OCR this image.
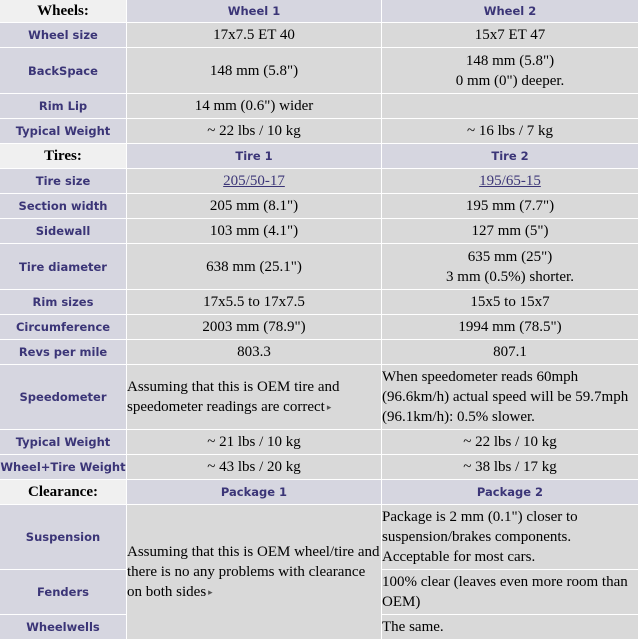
Wheels:	Wheel 1	Wheel 2
Wheel size	17x7.5 ET 40	15x7 ET 47
BackSpace	148 mm (5.8")	148 mm (5.8")
0 mm (0") deeper.

Rim Lip	14 mm (0.6") wider	
Typical Weight	~ 22 lbs / 10 kg	~ 16 lbs / 7 kg
Tires:	Tire 1	Tire 2
Tire size	205/50-17	195/65-15
Section width	205 mm (8.1")	195 mm (7.7")
Sidewall	103 mm (4.1")	127 mm (5")
Tire diameter	638 mm (25.1")	635 mm (25")
3 mm (0.5%) shorter.

Rim sizes	17x5.5 to 17x7.5	15x5 to 15x7
Circumference	2003 mm (78.9")	1994 mm (78.5")
Revs per mile	803.3	807.1
Speedometer	Assuming that this is OEM tire and speedometer readings are correct ▸	When speedometer reads 60mph (96.6km/h) actual speed will be 59.7mph (96.1km/h): 0.5% slower.
Typical Weight	~ 21 lbs / 10 kg	~ 22 lbs / 10 kg
Wheel+Tire Weight	~ 43 lbs / 20 kg	~ 38 lbs / 17 kg
Clearance:	Package 1	Package 2
Suspension	Assuming that this is OEM wheel/tire and there is no any problems with clearance on both sides ▸	Package is 2 mm (0.1") closer to suspension/brakes components. Acceptable for most cars.
Fenders		100% clear (leaves even more room than OEM)
Wheelwells		The same.
